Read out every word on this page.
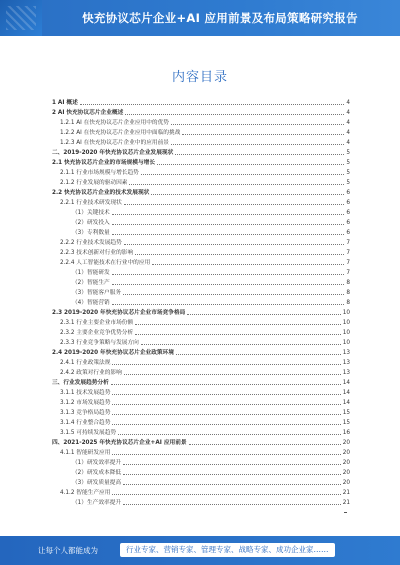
快充协议芯片企业+AI 应用前景及布局策略研究报告
内容目录
1 AI 概述	4
2 AI 快充协议芯片企业概述	4
1.2.1 AI 在快充协议芯片企业应用中的优势	4
1.2.2 AI 在快充协议芯片企业应用中面临的挑战	4
1.2.3 AI 在快充协议芯片企业中的应用前景	4
二、2019-2020 年快充协议芯片企业发展现状	5
2.1 快充协议芯片企业的市场规模与增长	5
2.1.1 行业市场规模与增长趋势	5
2.1.2 行业发展的驱动因素	5
2.2 快充协议芯片企业的技术发展现状	6
2.2.1 行业技术研发现状	6
（1）关键技术	6
（2）研发投入	6
（3）专利数量	6
2.2.2 行业技术发展趋势	7
2.2.3 技术创新对行业的影响	7
2.2.4 人工智能技术在行业中的应用	7
（1）智能研发	7
（2）智能生产	8
（3）智能客户服务	8
（4）智能营销	8
2.3 2019-2020 年快充协议芯片企业市场竞争格局	10
2.3.1 行业主要企业市场份额	10
2.3.2 主要企业竞争优势分析	10
2.3.3 行业竞争策略与发展方向	10
2.4 2019-2020 年快充协议芯片企业政策环境	13
2.4.1 行业政策法规	13
2.4.2 政策对行业的影响	13
三、行业发展趋势分析	14
3.1.1 技术发展趋势	14
3.1.2 市场发展趋势	14
3.1.3 竞争格局趋势	15
3.1.4 行业整合趋势	15
3.1.5 可持续发展趋势	16
四、2021-2025 年快充协议芯片企业+AI 应用前景	20
4.1.1 智能研发应用	20
（1）研发效率提升	20
（2）研发成本降低	20
（3）研发质量提高	20
4.1.2 智能生产应用	21
（1）生产效率提升	21
让每个人都能成为	行业专家、营销专家、管理专家、战略专家、成功企业家……
